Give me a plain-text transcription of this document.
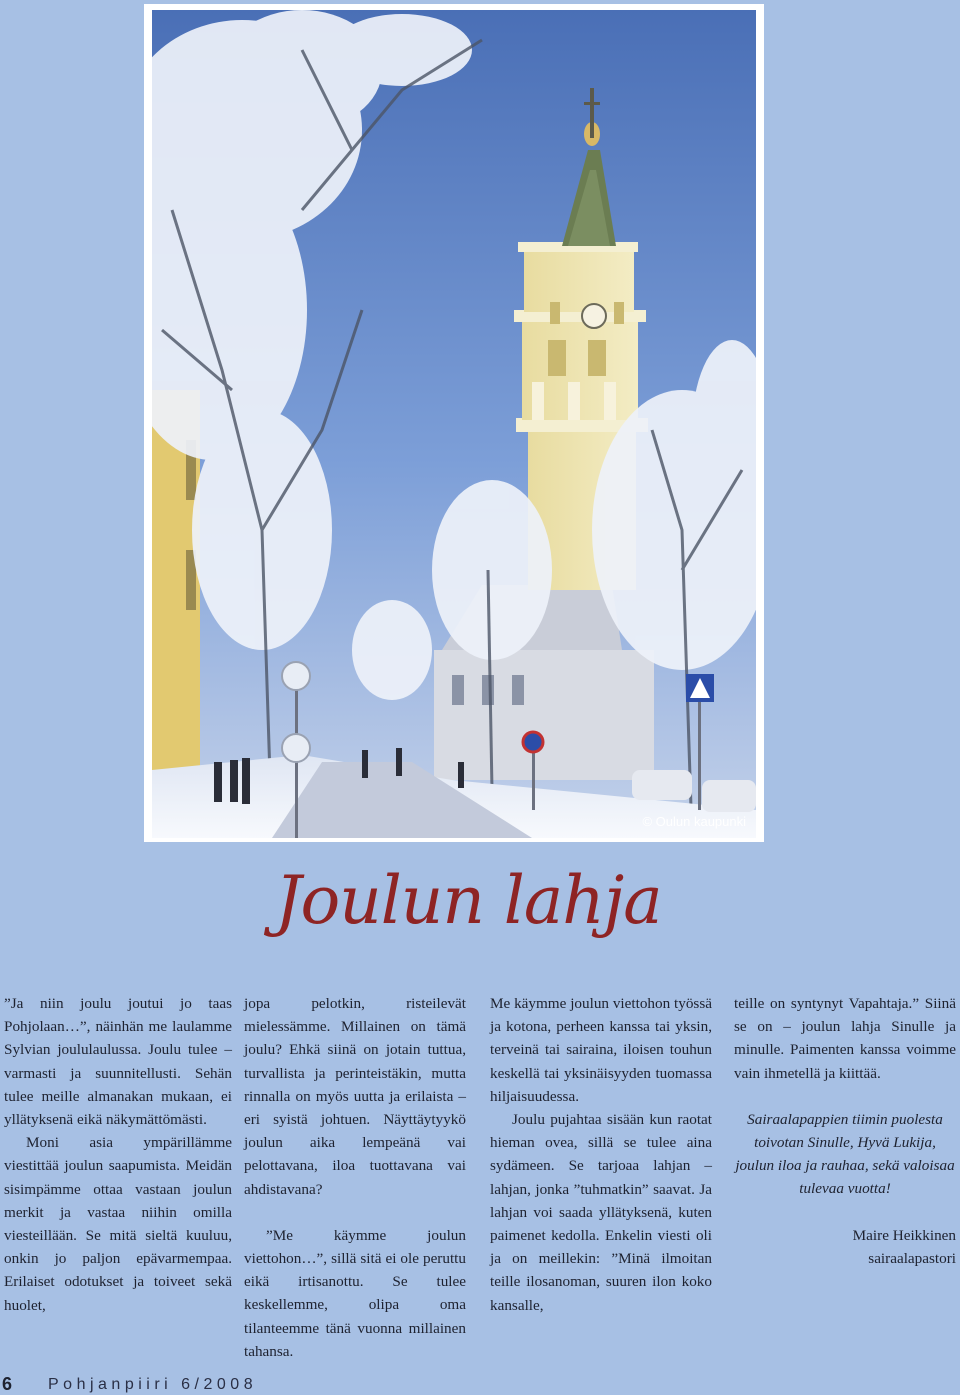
© Oulun kaupunki
Joulun lahja

”Ja niin joulu joutui jo taas Pohjolaan…”, näinhän me laulamme Sylvian joululaulussa. Joulu tulee – varmasti ja suunnitellusti. Sehän tulee meille almanakan mukaan, ei yllätyksenä eikä näkymättömästi.

Moni asia ympärillämme viestittää joulun saapumista. Meidän sisimpämme ottaa vastaan joulun merkit ja vastaa niihin omilla viesteillään. Se mitä sieltä kuuluu, onkin jo paljon epävarmempaa. Erilaiset odotukset ja toiveet sekä huolet,

jopa pelotkin, risteilevät mielessämme. Millainen on tämä joulu? Ehkä siinä on jotain tuttua, turvallista ja perinteistäkin, mutta rinnalla on myös uutta ja erilaista – eri syistä johtuen. Näyttäytyykö joulun aika lempeänä vai pelottavana, iloa tuottavana vai ahdistavana?

”Me käymme joulun viettohon…”, sillä sitä ei ole peruttu eikä irtisanottu. Se tulee keskellemme, olipa oma tilanteemme tänä vuonna millainen tahansa.

Me käymme joulun viettohon työssä ja kotona, perheen kanssa tai yksin, terveinä tai sairaina, iloisen touhun keskellä tai yksinäisyyden tuomassa hiljaisuudessa.

Joulu pujahtaa sisään kun raotat hieman ovea, sillä se tulee aina sydämeen. Se tarjoaa lahjan – lahjan, jonka ”tuhmatkin” saavat. Ja lahjan voi saada yllätyksenä, kuten paimenet kedolla. Enkelin viesti oli ja on meillekin: ”Minä ilmoitan teille ilosanoman, suuren ilon koko kansalle,

teille on syntynyt Vapahtaja.” Siinä se on – joulun lahja Sinulle ja minulle. Paimenten kanssa voimme vain ihmetellä ja kiittää.

Sairaalapappien tiimin puolesta toivotan Sinulle, Hyvä Lukija, joulun iloa ja rauhaa, sekä valoisaa tulevaa vuotta!

Maire Heikkinen

sairaalapastori

6 Pohjanpiiri 6/2008
